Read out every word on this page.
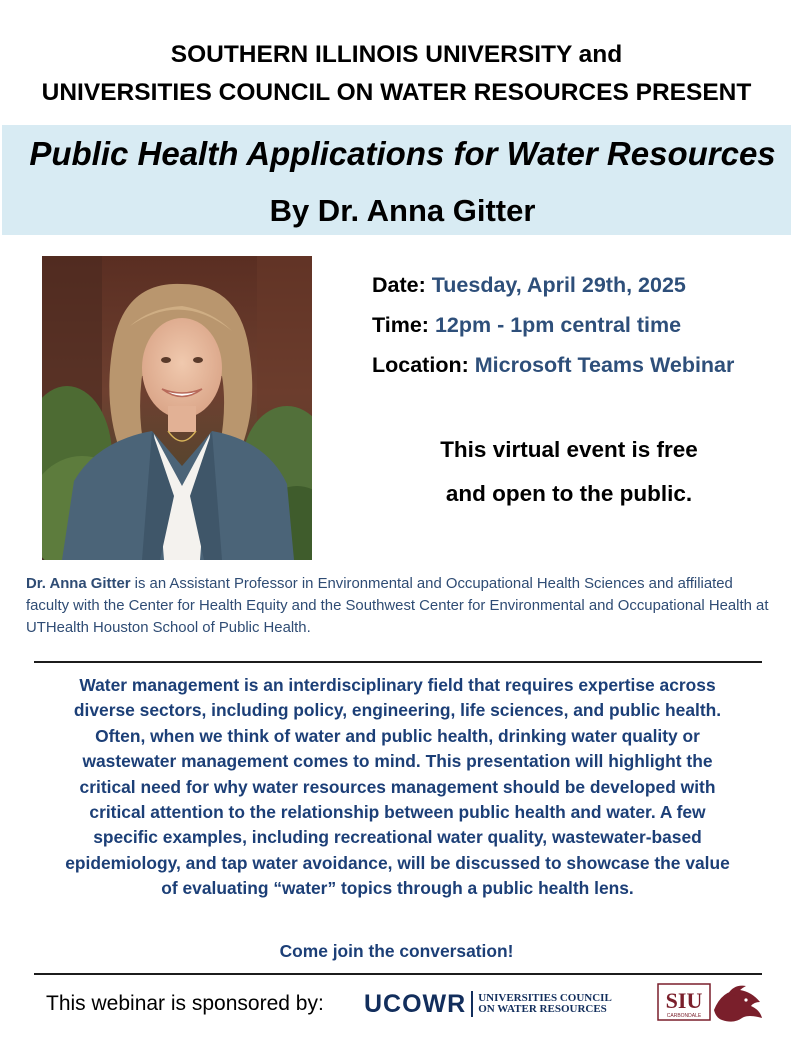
SOUTHERN ILLINOIS UNIVERSITY and
UNIVERSITIES COUNCIL ON WATER RESOURCES PRESENT
Public Health Applications for Water Resources
By Dr. Anna Gitter
Date: Tuesday, April 29th, 2025
Time: 12pm - 1pm central time
Location: Microsoft Teams Webinar
This virtual event is free
and open to the public.
Dr. Anna Gitter is an Assistant Professor in Environmental and Occupational Health Sciences and affiliated faculty with the Center for Health Equity and the Southwest Center for Environmental and Occupational Health at UTHealth Houston School of Public Health.
Water management is an interdisciplinary field that requires expertise across
diverse sectors, including policy, engineering, life sciences, and public health.
Often, when we think of water and public health, drinking water quality or
wastewater management comes to mind. This presentation will highlight the
critical need for why water resources management should be developed with
critical attention to the relationship between public health and water. A few
specific examples, including recreational water quality, wastewater-based
epidemiology, and tap water avoidance, will be discussed to showcase the value
of evaluating “water” topics through a public health lens.
Come join the conversation!
This webinar is sponsored by: UCOWR UNIVERSITIES COUNCIL
ON WATER RESOURCES	SIU
CARBONDALE
